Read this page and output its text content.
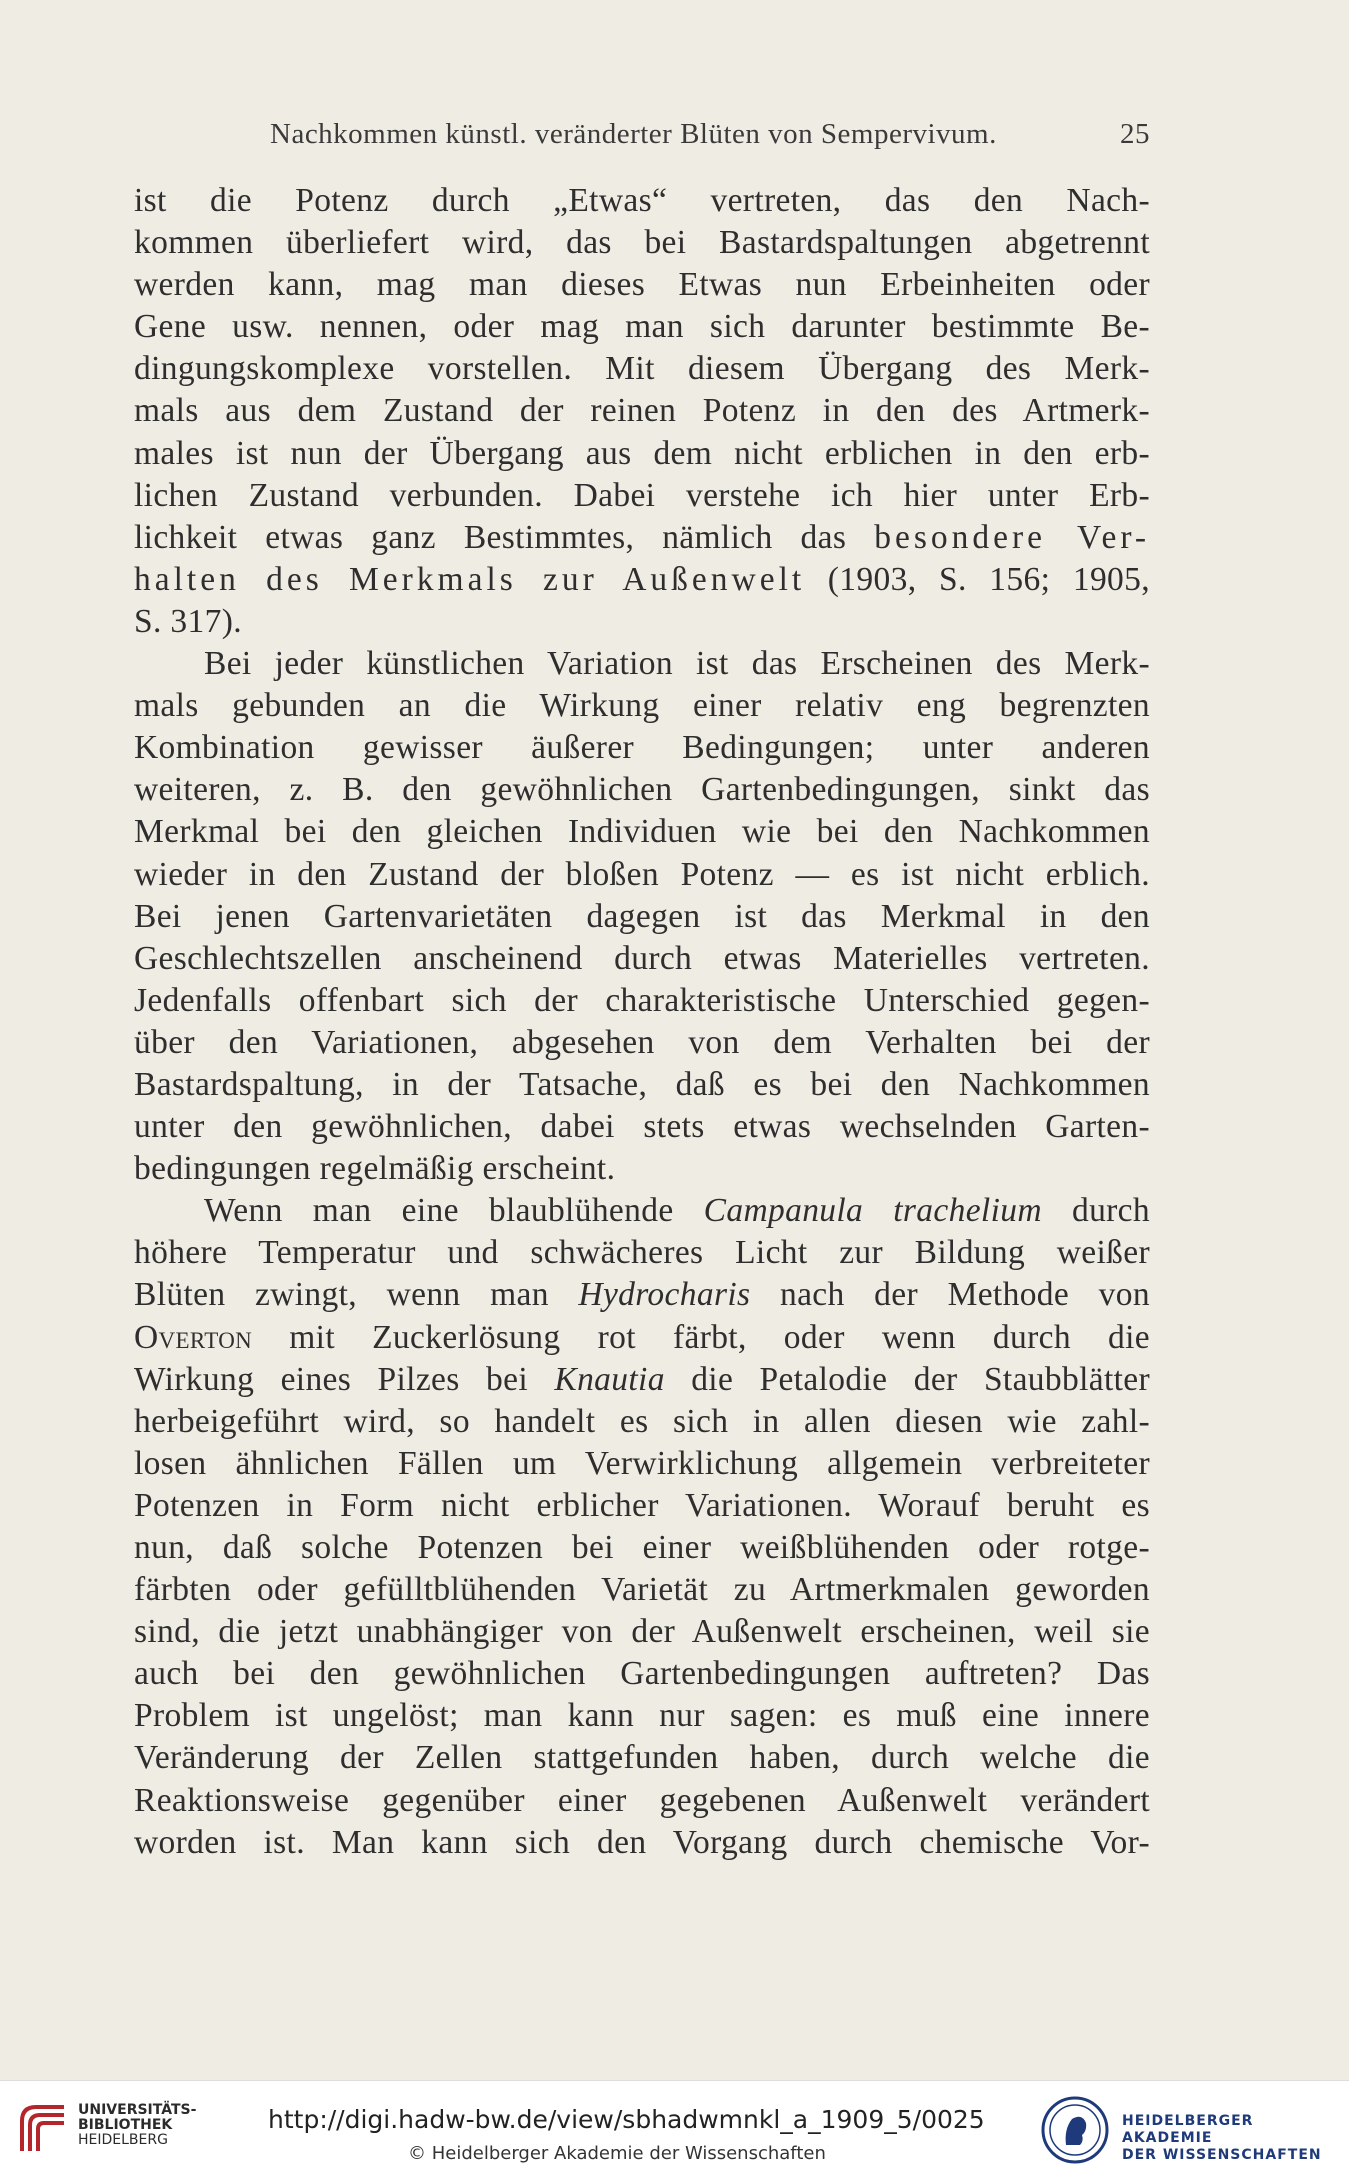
Nachkommen künstl. veränderter Blüten von Sempervivum.	25
ist die Potenz durch „Etwas“ vertreten, das den Nach-
kommen überliefert wird, das bei Bastardspaltungen abgetrennt
werden kann, mag man dieses Etwas nun Erbeinheiten oder
Gene usw. nennen, oder mag man sich darunter bestimmte Be-
dingungskomplexe vorstellen. Mit diesem Übergang des Merk-
mals aus dem Zustand der reinen Potenz in den des Artmerk-
males ist nun der Übergang aus dem nicht erblichen in den erb-
lichen Zustand verbunden. Dabei verstehe ich hier unter Erb-
lichkeit etwas ganz Bestimmtes, nämlich das besondere Ver-
halten des Merkmals zur Außenwelt (1903, S. 156; 1905,
S. 317).
Bei jeder künstlichen Variation ist das Erscheinen des Merk-
mals gebunden an die Wirkung einer relativ eng begrenzten
Kombination gewisser äußerer Bedingungen; unter anderen
weiteren, z. B. den gewöhnlichen Gartenbedingungen, sinkt das
Merkmal bei den gleichen Individuen wie bei den Nachkommen
wieder in den Zustand der bloßen Potenz — es ist nicht erblich.
Bei jenen Gartenvarietäten dagegen ist das Merkmal in den
Geschlechtszellen anscheinend durch etwas Materielles vertreten.
Jedenfalls offenbart sich der charakteristische Unterschied gegen-
über den Variationen, abgesehen von dem Verhalten bei der
Bastardspaltung, in der Tatsache, daß es bei den Nachkommen
unter den gewöhnlichen, dabei stets etwas wechselnden Garten-
bedingungen regelmäßig erscheint.
Wenn man eine blaublühende Campanula trachelium durch
höhere Temperatur und schwächeres Licht zur Bildung weißer
Blüten zwingt, wenn man Hydrocharis nach der Methode von
Overton mit Zuckerlösung rot färbt, oder wenn durch die
Wirkung eines Pilzes bei Knautia die Petalodie der Staubblätter
herbeigeführt wird, so handelt es sich in allen diesen wie zahl-
losen ähnlichen Fällen um Verwirklichung allgemein verbreiteter
Potenzen in Form nicht erblicher Variationen. Worauf beruht es
nun, daß solche Potenzen bei einer weißblühenden oder rotge-
färbten oder gefülltblühenden Varietät zu Artmerkmalen geworden
sind, die jetzt unabhängiger von der Außenwelt erscheinen, weil sie
auch bei den gewöhnlichen Gartenbedingungen auftreten? Das
Problem ist ungelöst; man kann nur sagen: es muß eine innere
Veränderung der Zellen stattgefunden haben, durch welche die
Reaktionsweise gegenüber einer gegebenen Außenwelt verändert
worden ist. Man kann sich den Vorgang durch chemische Vor-
UNIVERSITÄTS-
BIBLIOTHEK
HEIDELBERG
http://digi.hadw-bw.de/view/sbhadwmnkl_a_1909_5/0025
© Heidelberger Akademie der Wissenschaften
HEIDELBERGER AKADEMIE
DER WISSENSCHAFTEN
